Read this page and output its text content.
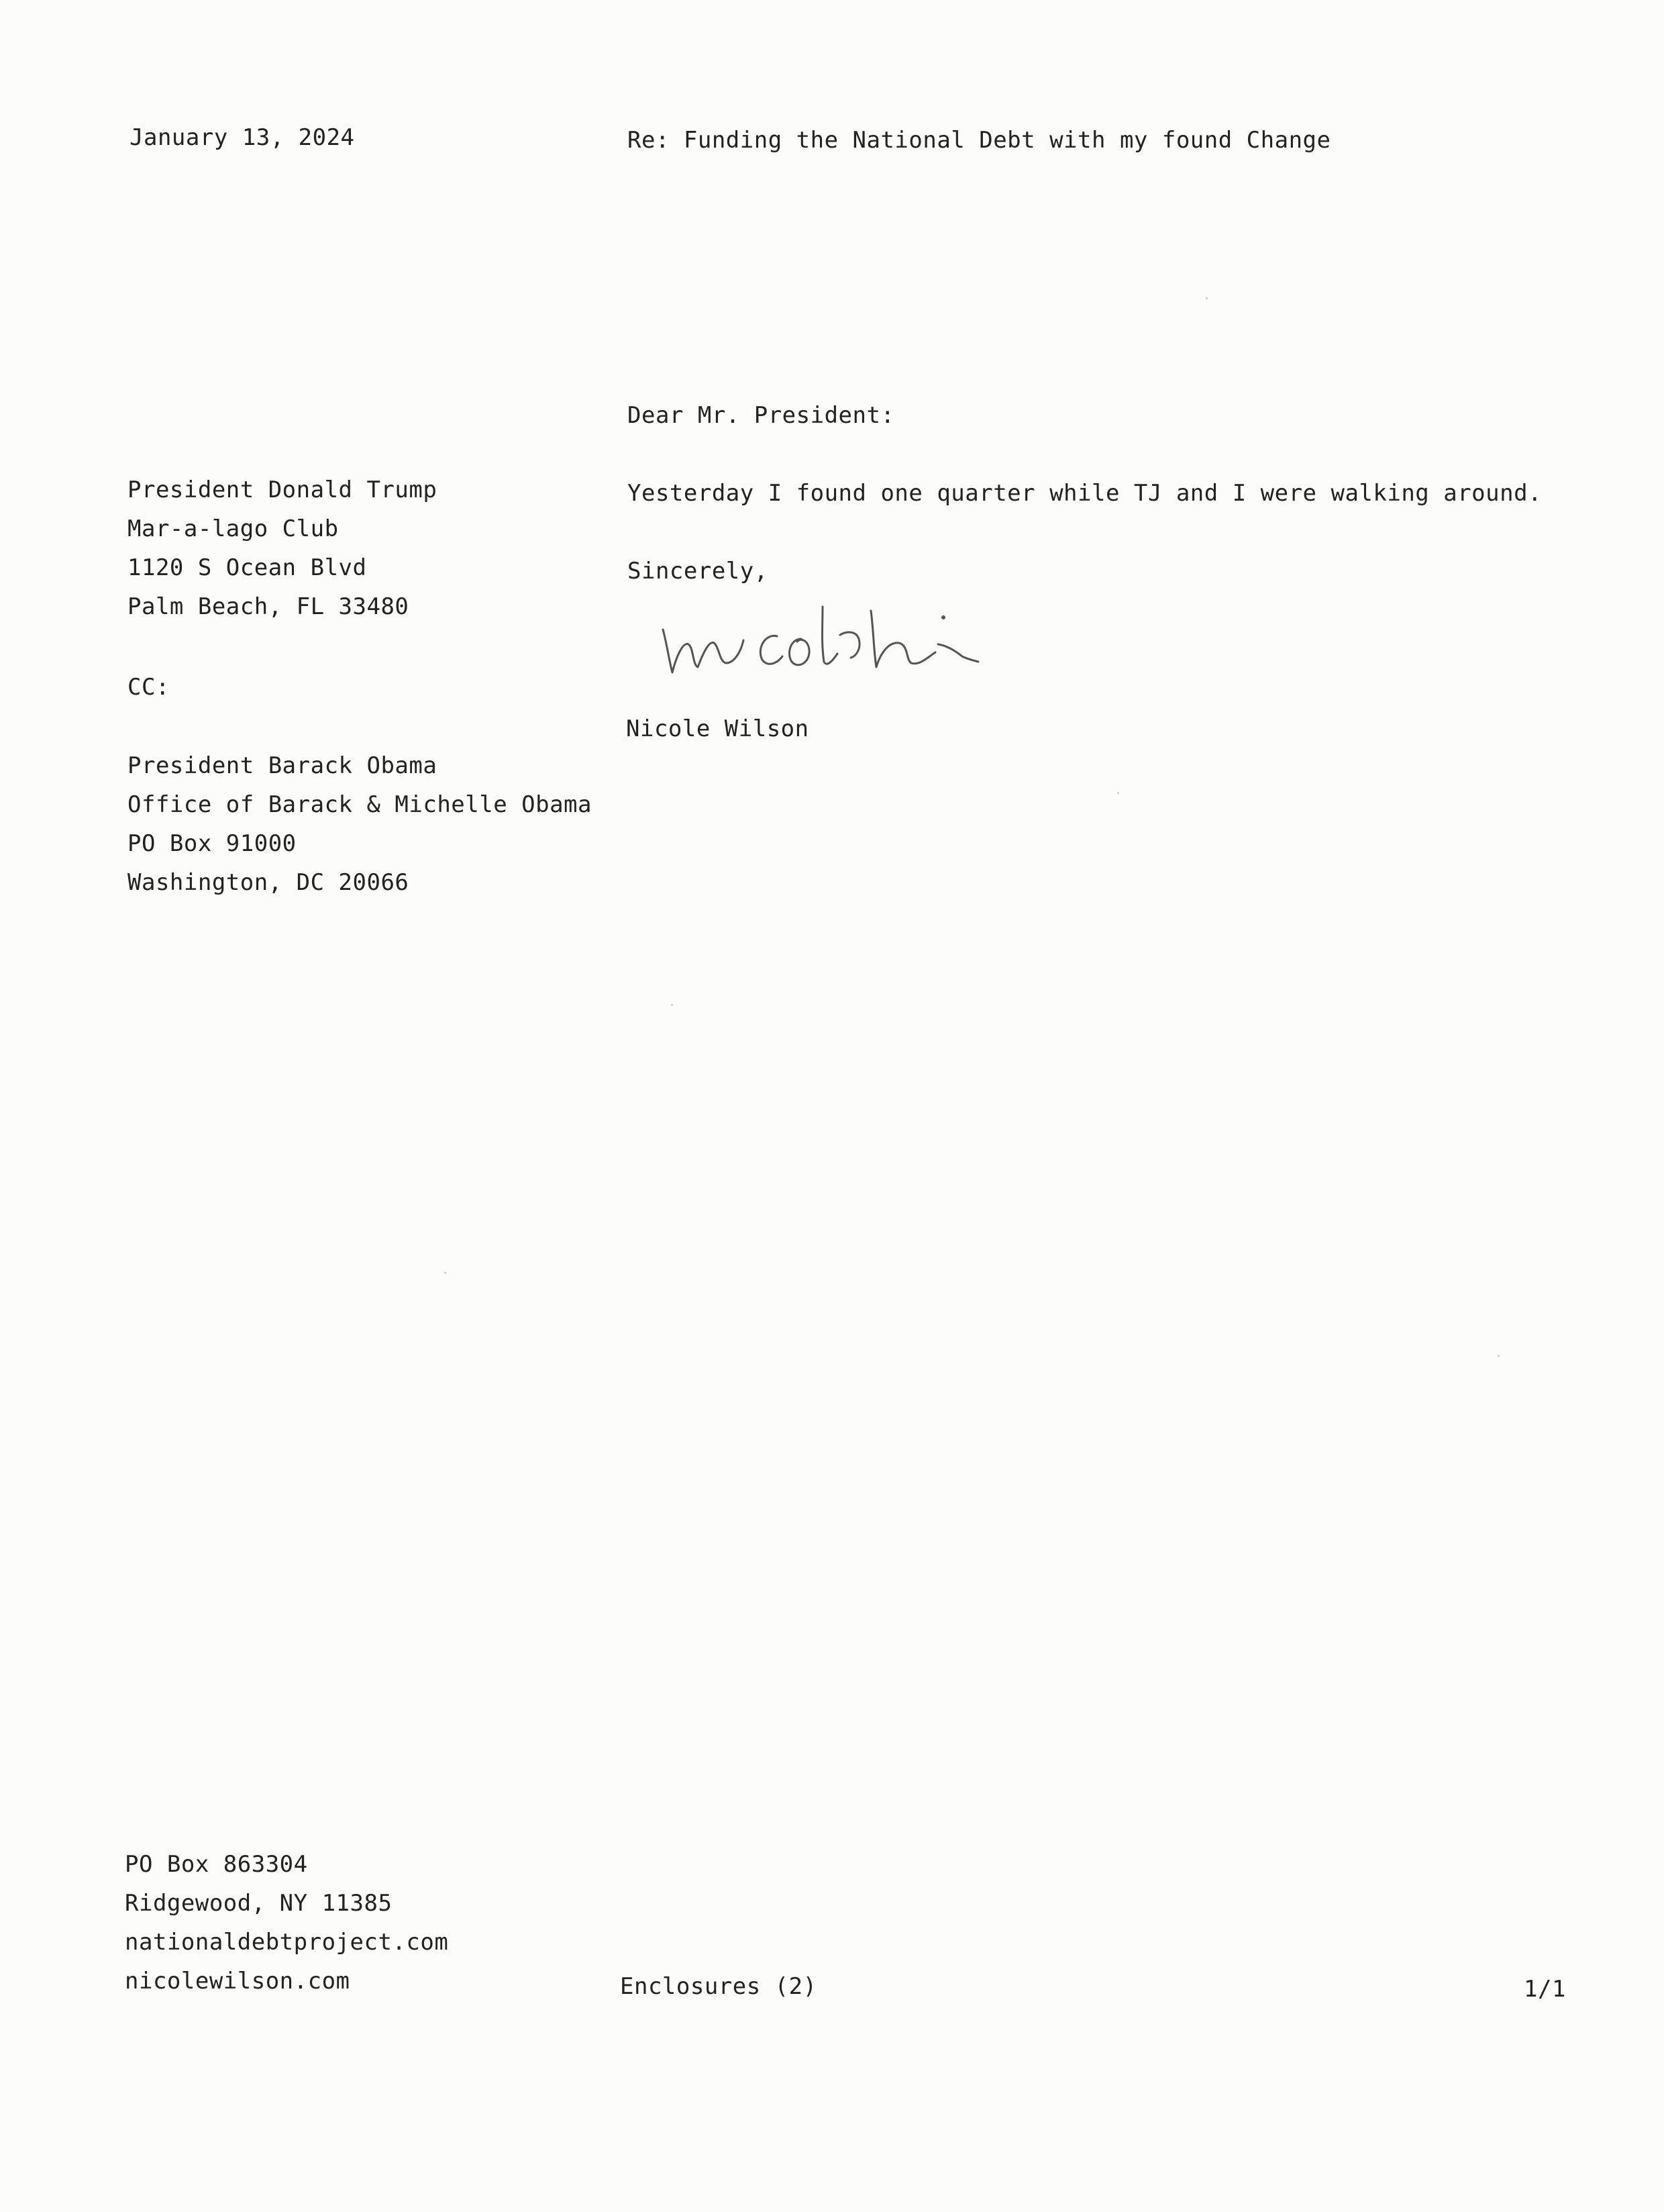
January 13, 2024	Re: Funding the National Debt with my found Change
Dear Mr. President:
President Donald Trump
Mar-a-lago Club
1120 S Ocean Blvd
Palm Beach, FL 33480
CC:
President Barack Obama
Office of Barack & Michelle Obama
PO Box 91000
Washington, DC 20066
Yesterday I found one quarter while TJ and I were walking around.
Sincerely,
Nicole Wilson
PO Box 863304
Ridgewood, NY 11385
nationaldebtproject.com
nicolewilson.com	Enclosures (2)	1/1
